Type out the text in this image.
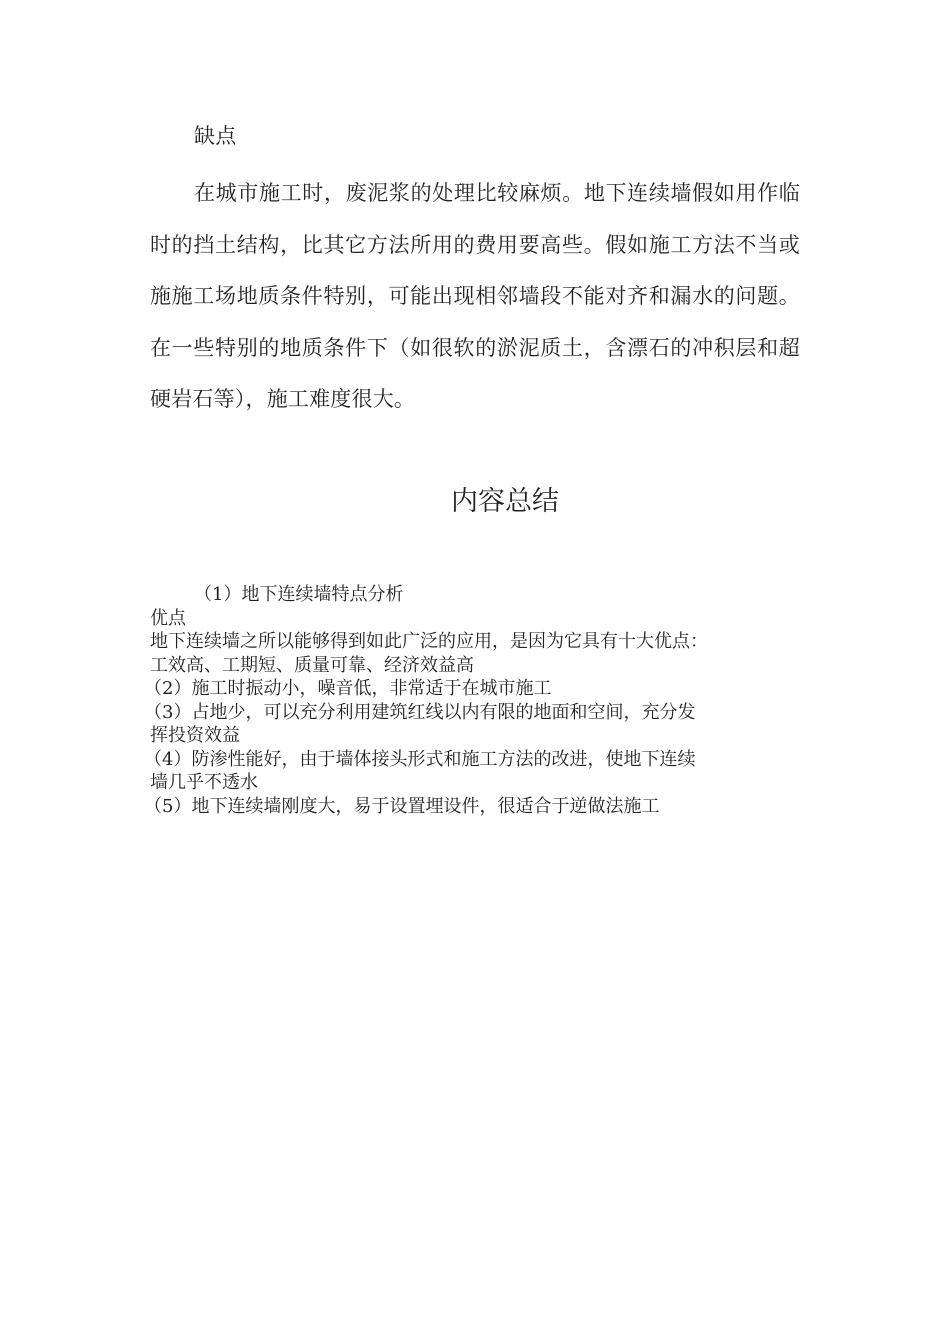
缺点

在城市施工时，废泥浆的处理比较麻烦。地下连续墙假如用作临时的挡土结构，比其它方法所用的费用要高些。假如施工方法不当或施施工场地质条件特别，可能出现相邻墙段不能对齐和漏水的问题。在一些特别的地质条件下（如很软的淤泥质土，含漂石的冲积层和超硬岩石等），施工难度很大。

内容总结
（1）地下连续墙特点分析
优点
地下连续墙之所以能够得到如此广泛的应用，是因为它具有十大优点：
工效高、工期短、质量可靠、经济效益高
（2）施工时振动小，噪音低，非常适于在城市施工
（3）占地少，可以充分利用建筑红线以内有限的地面和空间，充分发
挥投资效益
（4）防渗性能好，由于墙体接头形式和施工方法的改进，使地下连续
墙几乎不透水
（5）地下连续墙刚度大，易于设置埋设件，很适合于逆做法施工
